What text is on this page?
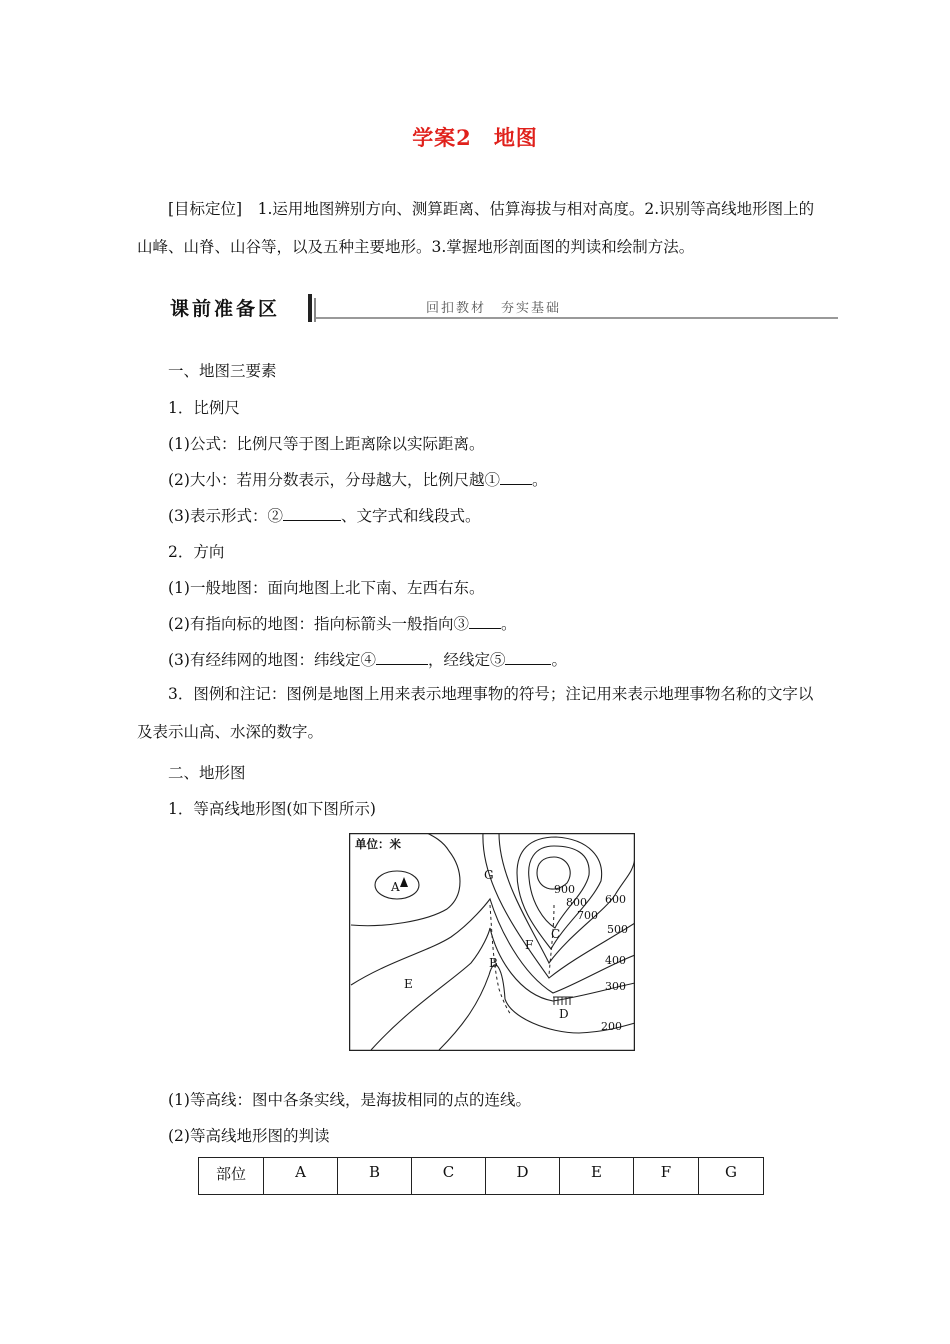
学案2 地图
[目标定位]　1.运用地图辨别方向、测算距离、估算海拔与相对高度。2.识别等高线地形图上的山峰、山脊、山谷等，以及五种主要地形。3.掌握地形剖面图的判读和绘制方法。
课前准备区	回扣教材　夯实基础
一、地图三要素
1．比例尺
(1)公式：比例尺等于图上距离除以实际距离。
(2)大小：若用分数表示，分母越大，比例尺越① 。
(3)表示形式：②	、文字式和线段式。
2．方向
(1)一般地图：面向地图上北下南、左西右东。
(2)有指向标的地图：指向标箭头一般指向③ 。
(3)有经纬网的地图：纬线定④	，经线定⑤	。
3．图例和注记：图例是地图上用来表示地理事物的符号；注记用来表示地理事物名称的文字以及表示山高、水深的数字。
二、地形图
1．等高线地形图(如下图所示)
单位：米
A
B
C
D
E
F
G
900
800
700
600
500
400
300
200
(1)等高线：图中各条实线，是海拔相同的点的连线。
(2)等高线地形图的判读
部位	A	B	C	D	E	F	G
